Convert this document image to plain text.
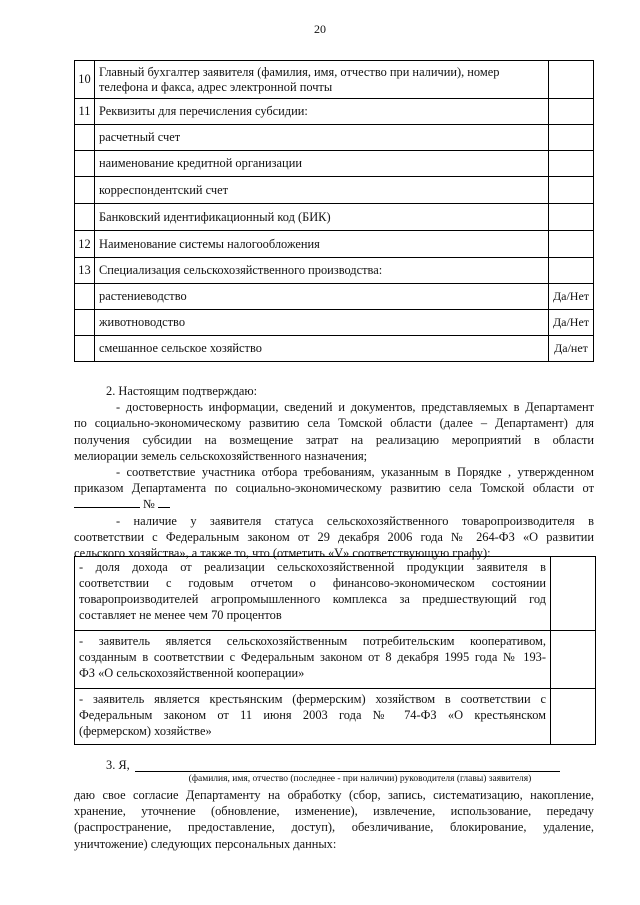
20
10	Главный бухгалтер заявителя (фамилия, имя, отчество при наличии), номер
телефона и факса, адрес электронной почты	

11	Реквизиты для перечисления субсидии:	

	расчетный счет	

	наименование кредитной организации	

	корреспондентский счет	

	Банковский идентификационный код (БИК)	

12	Наименование системы налогообложения	

13	Специализация сельскохозяйственного производства:	

	растениеводство	Да/Нет

	животноводство	Да/Нет

	смешанное сельское хозяйство	Да/нет
2. Настоящим подтверждаю:
- достоверность информации, сведений и документов, представляемых в Департамент
по социально-экономическому развитию села Томской области (далее – Департамент) для
получения субсидии на возмещение затрат на реализацию мероприятий в области
мелиорации земель сельскохозяйственного назначения;
- соответствие участника отбора требованиям, указанным в Порядке , утвержденном
приказом Департамента по социально-экономическому развитию села Томской области от
№
- наличие у заявителя статуса сельскохозяйственного товаропроизводителя в
соответствии с Федеральным законом от 29 декабря 2006 года № 264-ФЗ «О развитии
сельского хозяйства», а также то, что (отметить «V» соответствующую графу):
- доля дохода от реализации сельскохозяйственной продукции заявителя в
соответствии с годовым отчетом о финансово-экономическом состоянии
товаропроизводителей агропромышленного комплекса за предшествующий год
составляет не менее чем 70 процентов	

- заявитель является сельскохозяйственным потребительским кооперативом,
созданным в соответствии с Федеральным законом от 8 декабря 1995 года № 193-
ФЗ «О сельскохозяйственной кооперации»	

- заявитель является крестьянским (фермерским) хозяйством в соответствии с
Федеральным законом от 11 июня 2003 года № 74-ФЗ «О крестьянском
(фермерском) хозяйстве»	

3. Я,
(фамилия, имя, отчество (последнее - при наличии) руководителя (главы) заявителя)
даю свое согласие Департаменту на обработку (сбор, запись, систематизацию, накопление,
хранение, уточнение (обновление, изменение), извлечение, использование, передачу
(распространение, предоставление, доступ), обезличивание, блокирование, удаление,
уничтожение) следующих персональных данных:
